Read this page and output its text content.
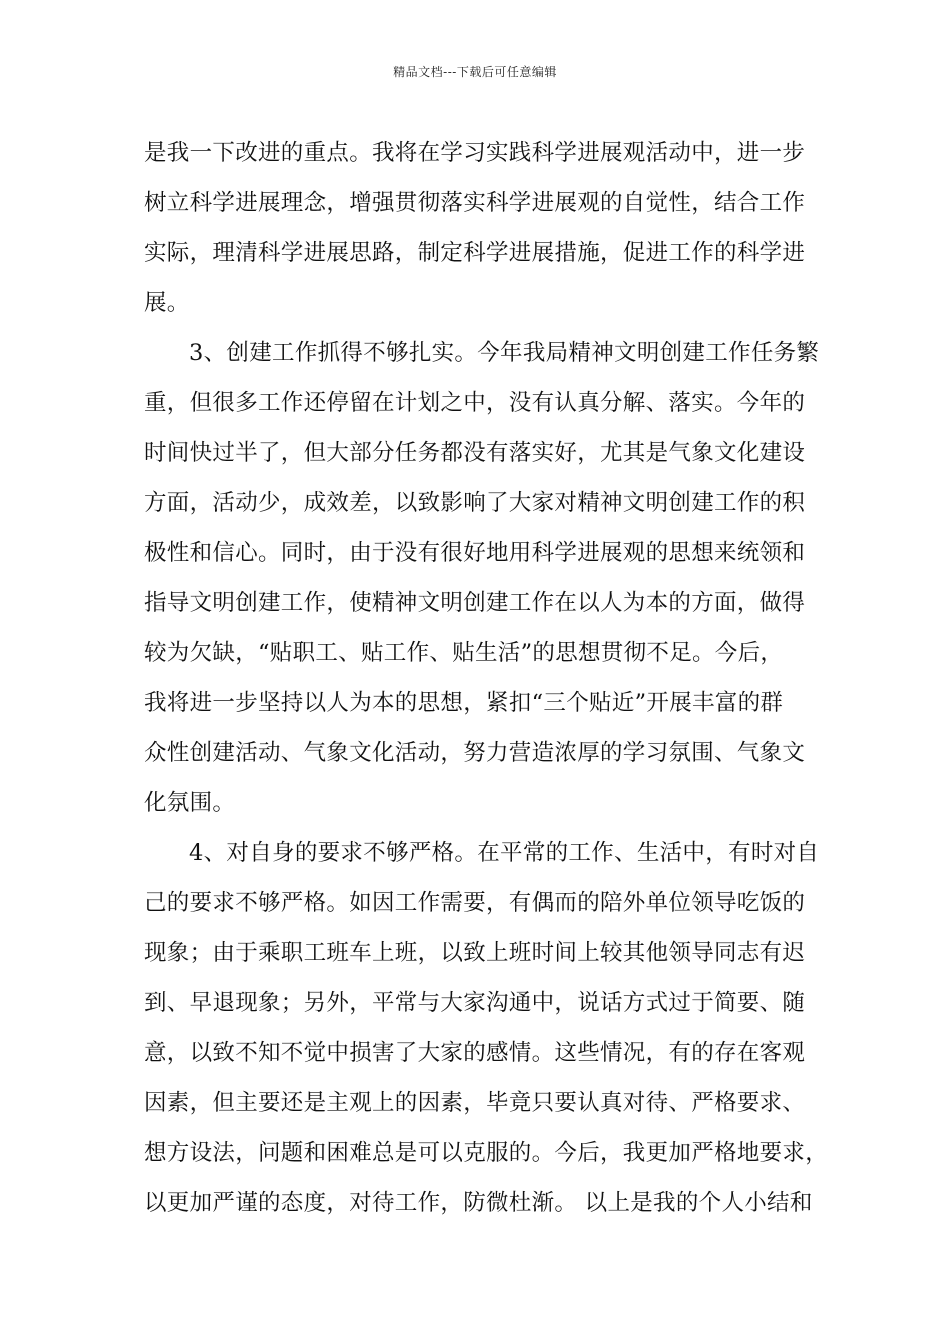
精品文档---下载后可任意编辑
是我一下改进的重点。我将在学习实践科学进展观活动中，进一步
树立科学进展理念，增强贯彻落实科学进展观的自觉性，结合工作
实际，理清科学进展思路，制定科学进展措施，促进工作的科学进
展。
3、创建工作抓得不够扎实。今年我局精神文明创建工作任务繁
重，但很多工作还停留在计划之中，没有认真分解、落实。今年的
时间快过半了，但大部分任务都没有落实好，尤其是气象文化建设
方面，活动少，成效差，以致影响了大家对精神文明创建工作的积
极性和信心。同时，由于没有很好地用科学进展观的思想来统领和
指导文明创建工作，使精神文明创建工作在以人为本的方面，做得
较为欠缺，“贴职工、贴工作、贴生活”的思想贯彻不足。今后，
我将进一步坚持以人为本的思想，紧扣“三个贴近”开展丰富的群
众性创建活动、气象文化活动，努力营造浓厚的学习氛围、气象文
化氛围。
4、对自身的要求不够严格。在平常的工作、生活中，有时对自
己的要求不够严格。如因工作需要，有偶而的陪外单位领导吃饭的
现象；由于乘职工班车上班，以致上班时间上较其他领导同志有迟
到、早退现象；另外，平常与大家沟通中，说话方式过于简要、随
意，以致不知不觉中损害了大家的感情。这些情况，有的存在客观
因素，但主要还是主观上的因素，毕竟只要认真对待、严格要求、
想方设法，问题和困难总是可以克服的。今后，我更加严格地要求，
以更加严谨的态度，对待工作，防微杜渐。 以上是我的个人小结和
